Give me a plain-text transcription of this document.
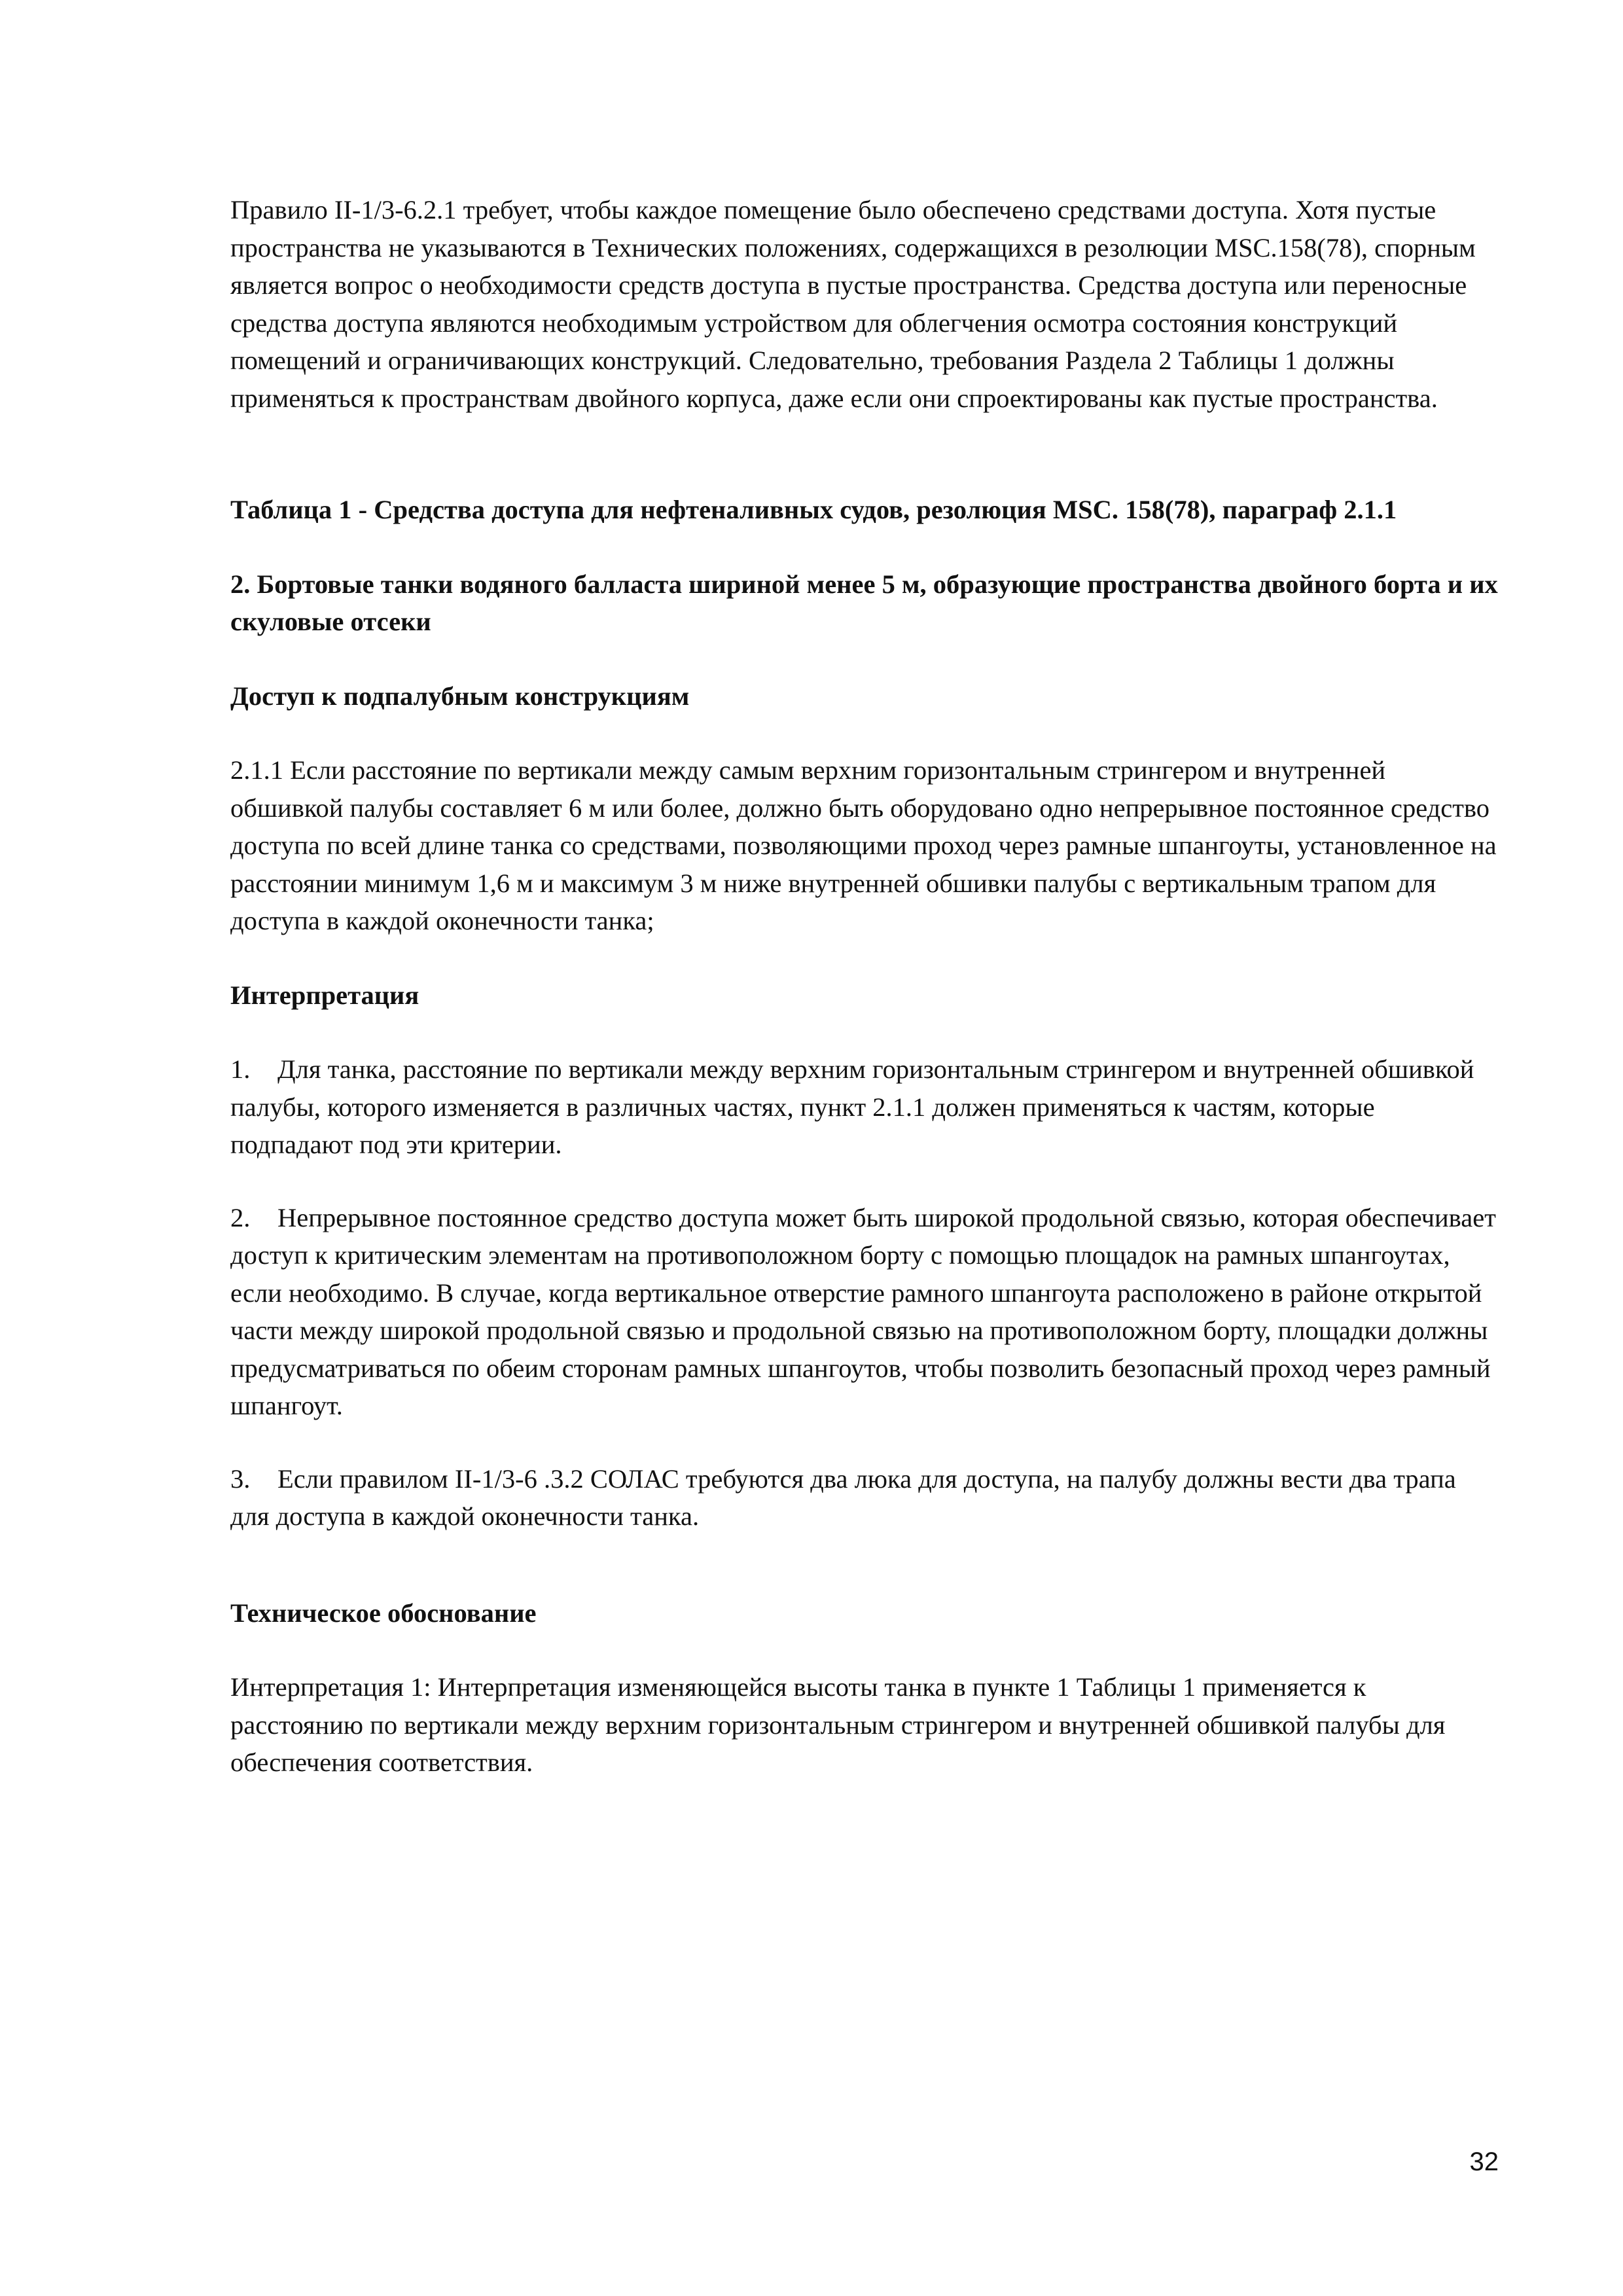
Правило II-1/3-6.2.1 требует, чтобы каждое помещение было обеспечено средствами доступа. Хотя пустые пространства не указываются в Технических положениях, содержащихся в резолюции MSC.158(78), спорным является вопрос о необходимости средств доступа в пустые пространства. Средства доступа или переносные средства доступа являются необходимым устройством для облегчения осмотра состояния конструкций помещений и ограничивающих конструкций. Следовательно, требования Раздела 2 Таблицы 1 должны применяться к пространствам двойного корпуса, даже если они спроектированы как пустые пространства.

Таблица 1 - Средства доступа для нефтеналивных судов, резолюция MSC. 158(78), параграф 2.1.1

2. Бортовые танки водяного балласта шириной менее 5 м, образующие пространства двойного борта и их скуловые отсеки

Доступ к подпалубным конструкциям

2.1.1 Если расстояние по вертикали между самым верхним горизонтальным стрингером и внутренней обшивкой палубы составляет 6 м или более, должно быть оборудовано одно непрерывное постоянное средство доступа по всей длине танка со средствами, позволяющими проход через рамные шпангоуты, установленное на расстоянии минимум 1,6 м и максимум 3 м ниже внутренней обшивки палубы с вертикальным трапом для доступа в каждой оконечности танка;

Интерпретация

1. Для танка, расстояние по вертикали между верхним горизонтальным стрингером и внутренней обшивкой палубы, которого изменяется в различных частях, пункт 2.1.1 должен применяться к частям, которые подпадают под эти критерии.

2. Непрерывное постоянное средство доступа может быть широкой продольной связью, которая обеспечивает доступ к критическим элементам на противоположном борту с помощью площадок на рамных шпангоутах, если необходимо. В случае, когда вертикальное отверстие рамного шпангоута расположено в районе открытой части между широкой продольной связью и продольной связью на противоположном борту, площадки должны предусматриваться по обеим сторонам рамных шпангоутов, чтобы позволить безопасный проход через рамный шпангоут.

3. Если правилом II-1/3-6 .3.2 СОЛАС требуются два люка для доступа, на палубу должны вести два трапа для доступа в каждой оконечности танка.

Техническое обоснование

Интерпретация 1: Интерпретация изменяющейся высоты танка в пункте 1 Таблицы 1 применяется к расстоянию по вертикали между верхним горизонтальным стрингером и внутренней обшивкой палубы для обеспечения соответствия.

32
